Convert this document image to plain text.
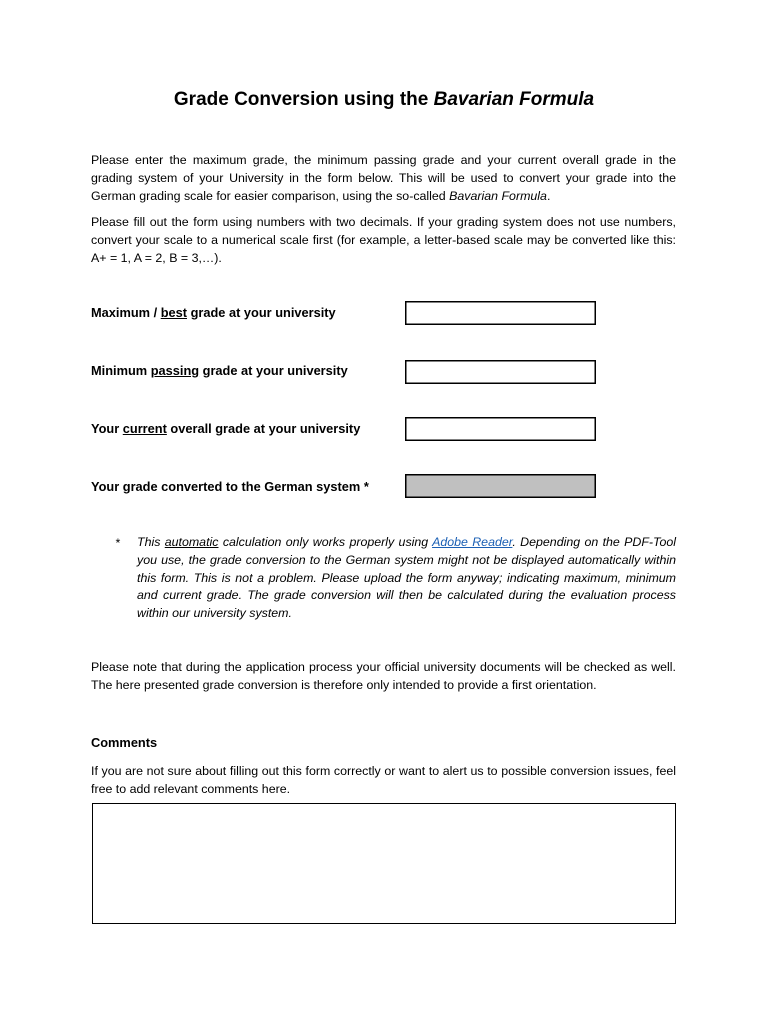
Grade Conversion using the Bavarian Formula
Please enter the maximum grade, the minimum passing grade and your current overall grade in the grading system of your University in the form below. This will be used to convert your grade into the German grading scale for easier comparison, using the so-called Bavarian Formula.
Please fill out the form using numbers with two decimals. If your grading system does not use numbers, convert your scale to a numerical scale first (for example, a letter-based scale may be converted like this: A+ = 1, A = 2, B = 3,…).
Maximum / best grade at your university
Minimum passing grade at your university
Your current overall grade at your university
Your grade converted to the German system *
* This automatic calculation only works properly using Adobe Reader. Depending on the PDF-Tool you use, the grade conversion to the German system might not be displayed automatically within this form. This is not a problem. Please upload the form anyway; indicating maximum, minimum and current grade. The grade conversion will then be calculated during the evaluation process within our university system.
Please note that during the application process your official university documents will be checked as well. The here presented grade conversion is therefore only intended to provide a first orientation.
Comments
If you are not sure about filling out this form correctly or want to alert us to possible conversion issues, feel free to add relevant comments here.
